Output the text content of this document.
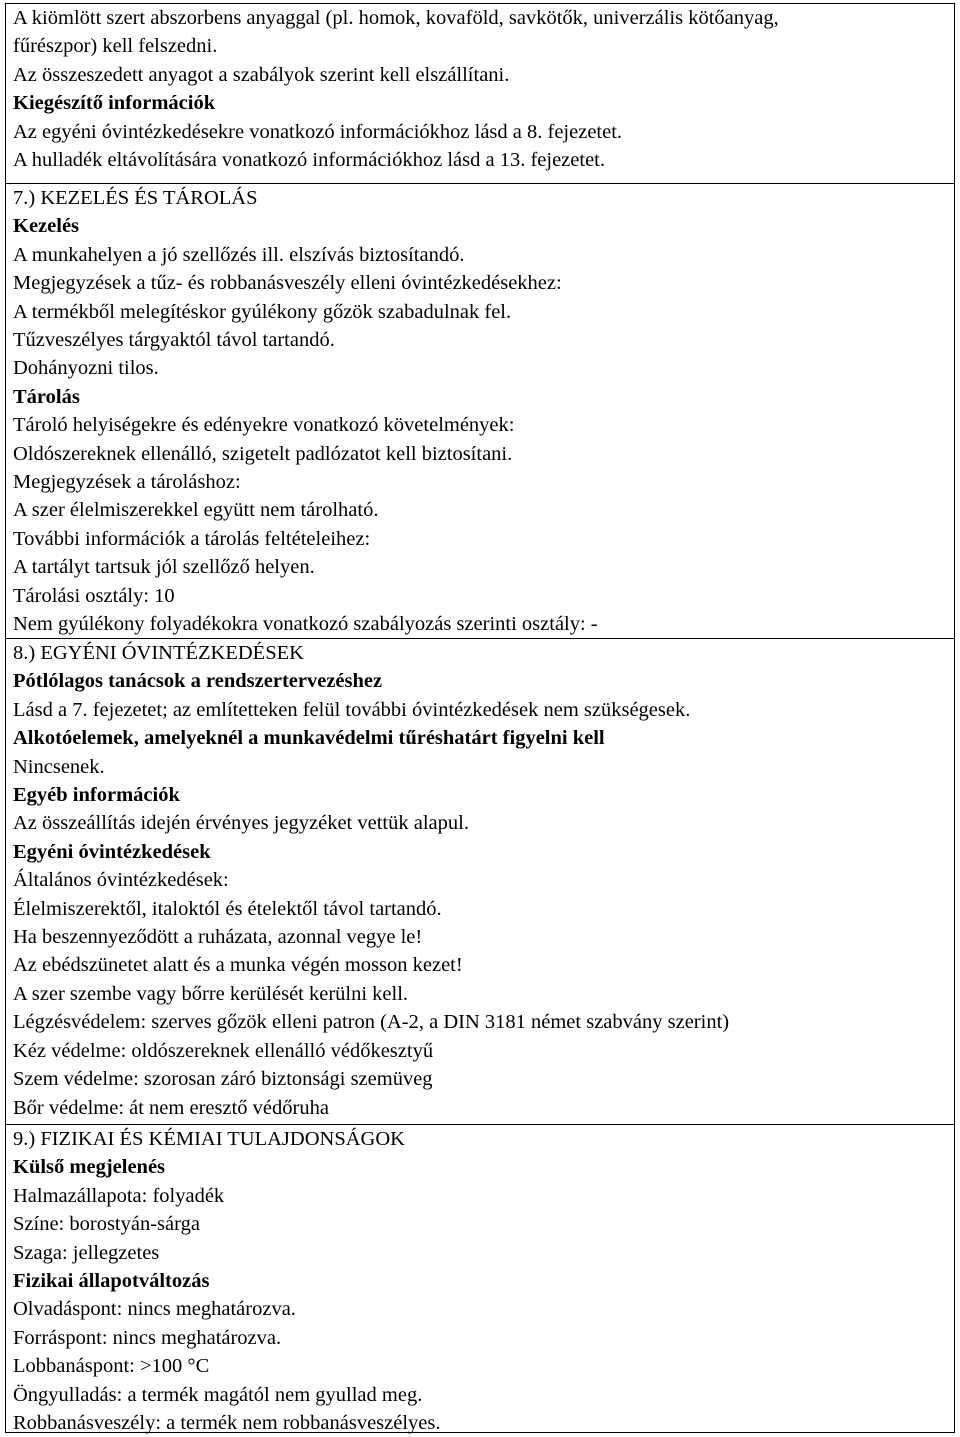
A kiömlött szert abszorbens anyaggal (pl. homok, kovaföld, savkötők, univerzális kötőanyag,
fűrészpor) kell felszedni.
Az összeszedett anyagot a szabályok szerint kell elszállítani.
Kiegészítő információk
Az egyéni óvintézkedésekre vonatkozó információkhoz lásd a 8. fejezetet.
A hulladék eltávolítására vonatkozó információkhoz lásd a 13. fejezetet.
7.) KEZELÉS ÉS TÁROLÁS
Kezelés
A munkahelyen a jó szellőzés ill. elszívás biztosítandó.
Megjegyzések a tűz- és robbanásveszély elleni óvintézkedésekhez:
A termékből melegítéskor gyúlékony gőzök szabadulnak fel.
Tűzveszélyes tárgyaktól távol tartandó.
Dohányozni tilos.
Tárolás
Tároló helyiségekre és edényekre vonatkozó követelmények:
Oldószereknek ellenálló, szigetelt padlózatot kell biztosítani.
Megjegyzések a tároláshoz:
A szer élelmiszerekkel együtt nem tárolható.
További információk a tárolás feltételeihez:
A tartályt tartsuk jól szellőző helyen.
Tárolási osztály: 10
Nem gyúlékony folyadékokra vonatkozó szabályozás szerinti osztály: -
8.) EGYÉNI ÓVINTÉZKEDÉSEK
Pótlólagos tanácsok a rendszertervezéshez
Lásd a 7. fejezetet; az említetteken felül további óvintézkedések nem szükségesek.
Alkotóelemek, amelyeknél a munkavédelmi tűréshatárt figyelni kell
Nincsenek.
Egyéb információk
Az összeállítás idején érvényes jegyzéket vettük alapul.
Egyéni óvintézkedések
Általános óvintézkedések:
Élelmiszerektől, italoktól és ételektől távol tartandó.
Ha beszennyeződött a ruházata, azonnal vegye le!
Az ebédszünetet alatt és a munka végén mosson kezet!
A szer szembe vagy bőrre kerülését kerülni kell.
Légzésvédelem: szerves gőzök elleni patron (A-2, a DIN 3181 német szabvány szerint)
Kéz védelme: oldószereknek ellenálló védőkesztyű
Szem védelme: szorosan záró biztonsági szemüveg
Bőr védelme: át nem eresztő védőruha
9.) FIZIKAI ÉS KÉMIAI TULAJDONSÁGOK
Külső megjelenés
Halmazállapota: folyadék
Színe: borostyán-sárga
Szaga: jellegzetes
Fizikai állapotváltozás
Olvadáspont: nincs meghatározva.
Forráspont: nincs meghatározva.
Lobbanáspont: >100 °C
Öngyulladás: a termék magától nem gyullad meg.
Robbanásveszély: a termék nem robbanásveszélyes.
